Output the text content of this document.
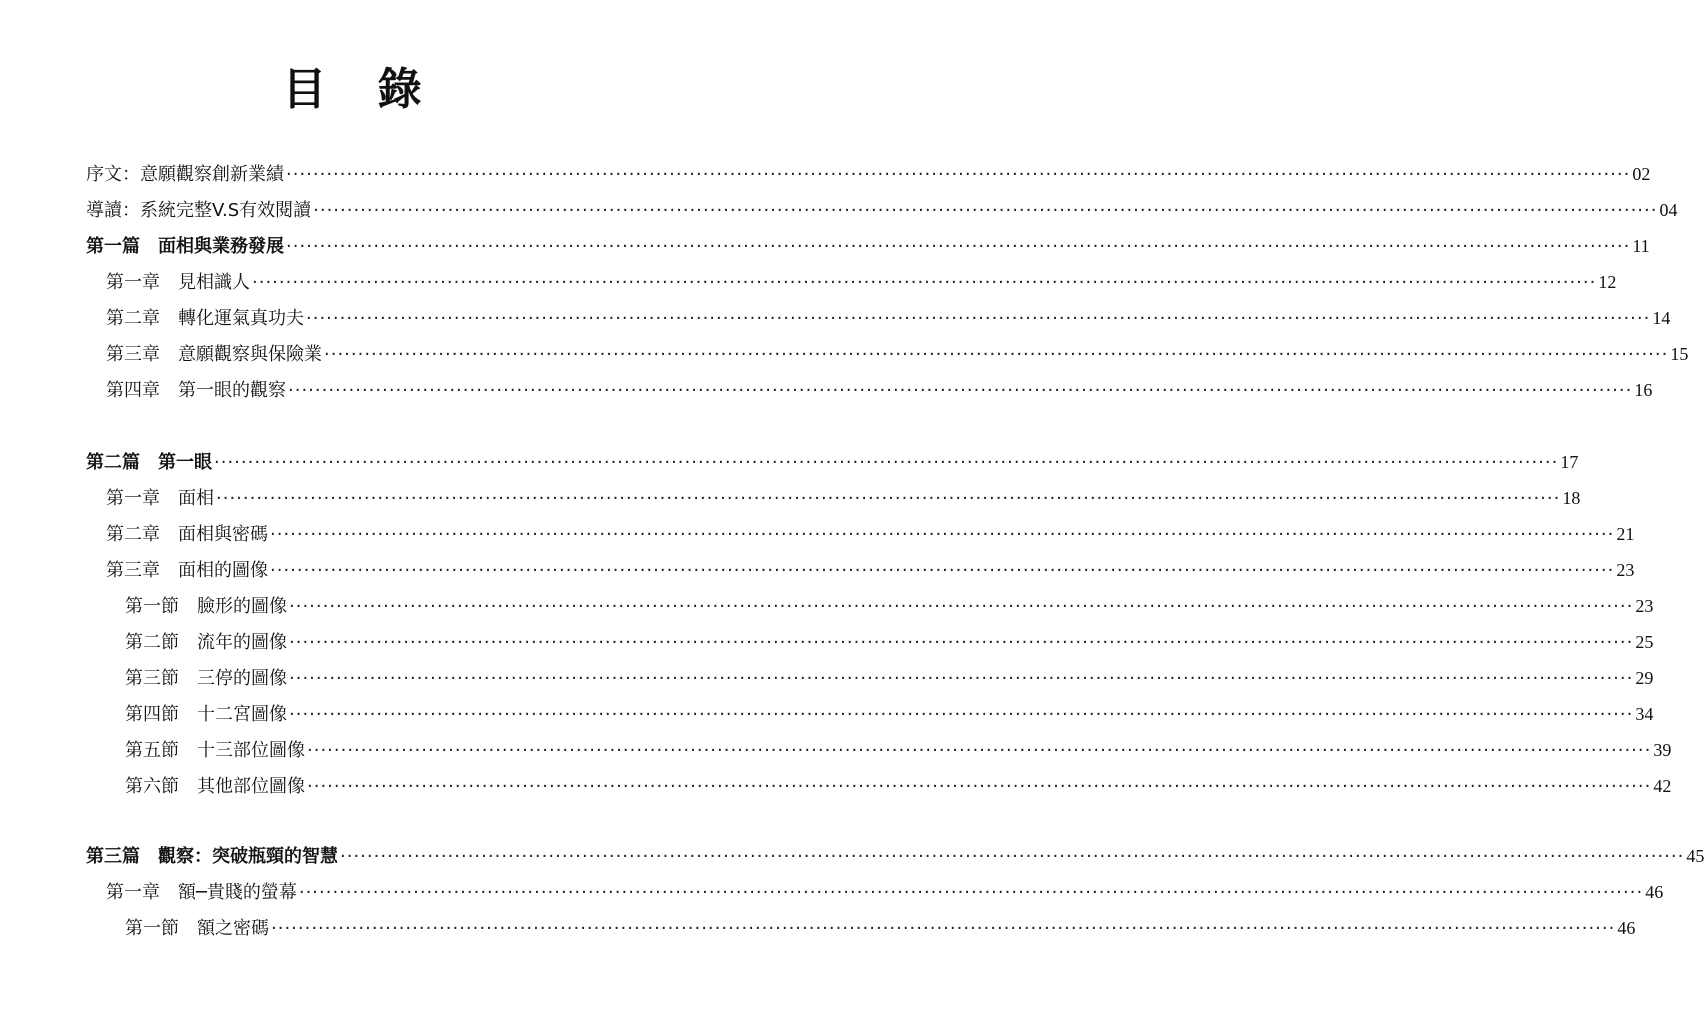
目 錄
序文：意願觀察創新業績 ········································································································································································································ 02
導讀：系統完整V.S有效閱讀 ········································································································································································································ 04
第一篇 面相與業務發展 ········································································································································································································ 11
第一章 見相識人 ········································································································································································································ 12
第二章 轉化運氣真功夫 ········································································································································································································ 14
第三章 意願觀察與保險業 ········································································································································································································ 15
第四章 第一眼的觀察 ········································································································································································································ 16
第二篇 第一眼 ········································································································································································································ 17
第一章 面相 ········································································································································································································ 18
第二章 面相與密碼 ········································································································································································································ 21
第三章 面相的圖像 ········································································································································································································ 23
第一節 臉形的圖像 ········································································································································································································ 23
第二節 流年的圖像 ········································································································································································································ 25
第三節 三停的圖像 ········································································································································································································ 29
第四節 十二宮圖像 ········································································································································································································ 34
第五節 十三部位圖像 ········································································································································································································ 39
第六節 其他部位圖像 ········································································································································································································ 42
第三篇 觀察：突破瓶頸的智慧 ········································································································································································································ 45
第一章 額─貴賤的螢幕 ········································································································································································································ 46
第一節 額之密碼 ········································································································································································································ 46
